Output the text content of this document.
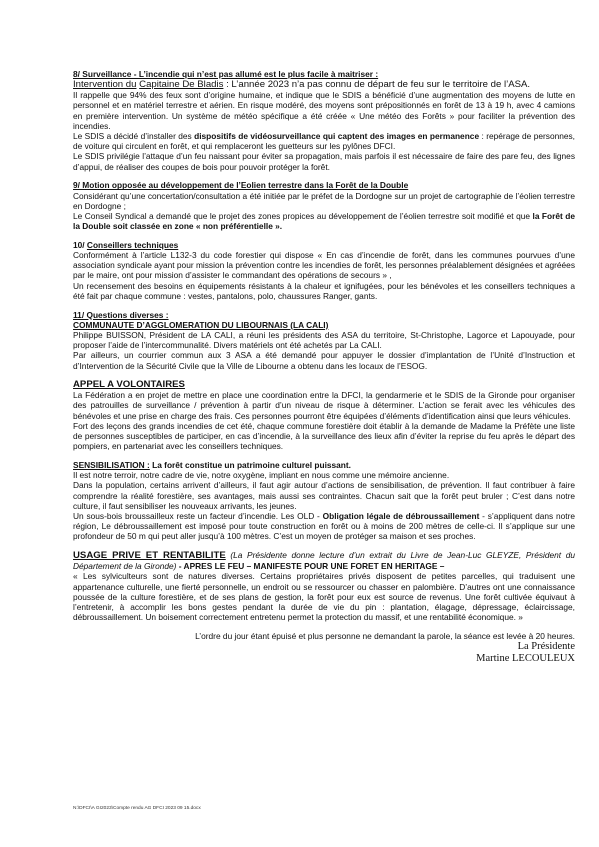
8/ Surveillance - L’incendie qui n’est pas allumé est le plus facile à maitriser :

Intervention du Capitaine De Bladis : L’année 2023 n’a pas connu de départ de feu sur le territoire de l’ASA.

Il rappelle que 94% des feux sont d’origine humaine, et indique que le SDIS a bénéficié d’une augmentation des moyens de lutte en personnel et en matériel terrestre et aérien. En risque modéré, des moyens sont prépositionnés en forêt de 13 à 19 h, avec 4 camions en première intervention. Un système de météo spécifique a été créée « Une météo des Forêts » pour faciliter la prévention des incendies.

Le SDIS a décidé d’installer des dispositifs de vidéosurveillance qui captent des images en permanence : repérage de personnes, de voiture qui circulent en forêt, et qui remplaceront les guetteurs sur les pylônes DFCI.

Le SDIS privilégie l’attaque d’un feu naissant pour éviter sa propagation, mais parfois il est nécessaire de faire des pare feu, des lignes d’appui, de réaliser des coupes de bois pour pouvoir protéger la forêt.

9/ Motion opposée au développement de l’Eolien terrestre dans la Forêt de la Double

Considérant qu’une concertation/consultation a été initiée par le préfet de la Dordogne sur un projet de cartographie de l’éolien terrestre en Dordogne ;

Le Conseil Syndical a demandé que le projet des zones propices au développement de l’éolien terrestre soit modifié et que la Forêt de la Double soit classée en zone « non préférentielle ».

10/ Conseillers techniques

Conformément à l’article L132-3 du code forestier qui dispose « En cas d’incendie de forêt, dans les communes pourvues d’une association syndicale ayant pour mission la prévention contre les incendies de forêt, les personnes préalablement désignées et agréées par le maire, ont pour mission d’assister le commandant des opérations de secours » ,

Un recensement des besoins en équipements résistants à la chaleur et ignifugées, pour les bénévoles et les conseillers techniques a été fait par chaque commune : vestes, pantalons, polo, chaussures Ranger, gants.

11/ Questions diverses :

COMMUNAUTE D’AGGLOMERATION DU LIBOURNAIS (LA CALI)

Philippe BUISSON, Président de LA CALI, a réuni les présidents des ASA du territoire, St-Christophe, Lagorce et Lapouyade, pour proposer l’aide de l’intercommunalité. Divers matériels ont été achetés par La CALI.

Par ailleurs, un courrier commun aux 3 ASA a été demandé pour appuyer le dossier d’implantation de l’Unité d’Instruction et d’Intervention de la Sécurité Civile que la Ville de Libourne a obtenu dans les locaux de l’ESOG.

APPEL A VOLONTAIRES

La Fédération a en projet de mettre en place une coordination entre la DFCI, la gendarmerie et le SDIS de la Gironde pour organiser des patrouilles de surveillance / prévention à partir d’un niveau de risque à déterminer. L’action se ferait avec les véhicules des bénévoles et une prise en charge des frais. Ces personnes pourront être équipées d’éléments d’identification ainsi que leurs véhicules.

Fort des leçons des grands incendies de cet été, chaque commune forestière doit établir à la demande de Madame la Préfète une liste de personnes susceptibles de participer, en cas d’incendie, à la surveillance des lieux afin d’éviter la reprise du feu après le départ des pompiers, en partenariat avec les conseillers techniques.

SENSIBILISATION : La forêt constitue un patrimoine culturel puissant.

Il est notre terroir, notre cadre de vie, notre oxygène, impliant en nous comme une mémoire ancienne.

Dans la population, certains arrivent d’ailleurs, il faut agir autour d’actions de sensibilisation, de prévention. Il faut contribuer à faire comprendre la réalité forestière, ses avantages, mais aussi ses contraintes. Chacun sait que la forêt peut bruler ; C’est dans notre culture, il faut sensibiliser les nouveaux arrivants, les jeunes.

Un sous-bois broussailleux reste un facteur d’incendie. Les OLD - Obligation légale de débroussaillement - s’appliquent dans notre région, Le débroussaillement est imposé pour toute construction en forêt ou à moins de 200 mètres de celle-ci. Il s’applique sur une profondeur de 50 m qui peut aller jusqu’à 100 mètres. C’est un moyen de protéger sa maison et ses proches.

USAGE PRIVE ET RENTABILITE (La Présidente donne lecture d’un extrait du Livre de Jean-Luc GLEYZE, Président du Département de la Gironde) - APRES LE FEU – MANIFESTE POUR UNE FORET EN HERITAGE –

« Les sylviculteurs sont de natures diverses. Certains propriétaires privés disposent de petites parcelles, qui traduisent une appartenance culturelle, une fierté personnelle, un endroit ou se ressourcer ou chasser en palombière. D’autres ont une connaissance poussée de la culture forestière, et de ses plans de gestion, la forêt pour eux est source de revenus. Une forêt cultivée équivaut à l’entretenir, à accomplir les bons gestes pendant la durée de vie du pin : plantation, élagage, dépressage, éclaircissage, débroussaillement. Un boisement correctement entretenu permet la protection du massif, et une rentabilité économique. »

L’ordre du jour étant épuisé et plus personne ne demandant la parole, la séance est levée à 20 heures.

La Présidente

Martine LECOULEUX

N:\DFCI\A GI2023\Compte rendu AG DFCI 2023 09 15.docx
